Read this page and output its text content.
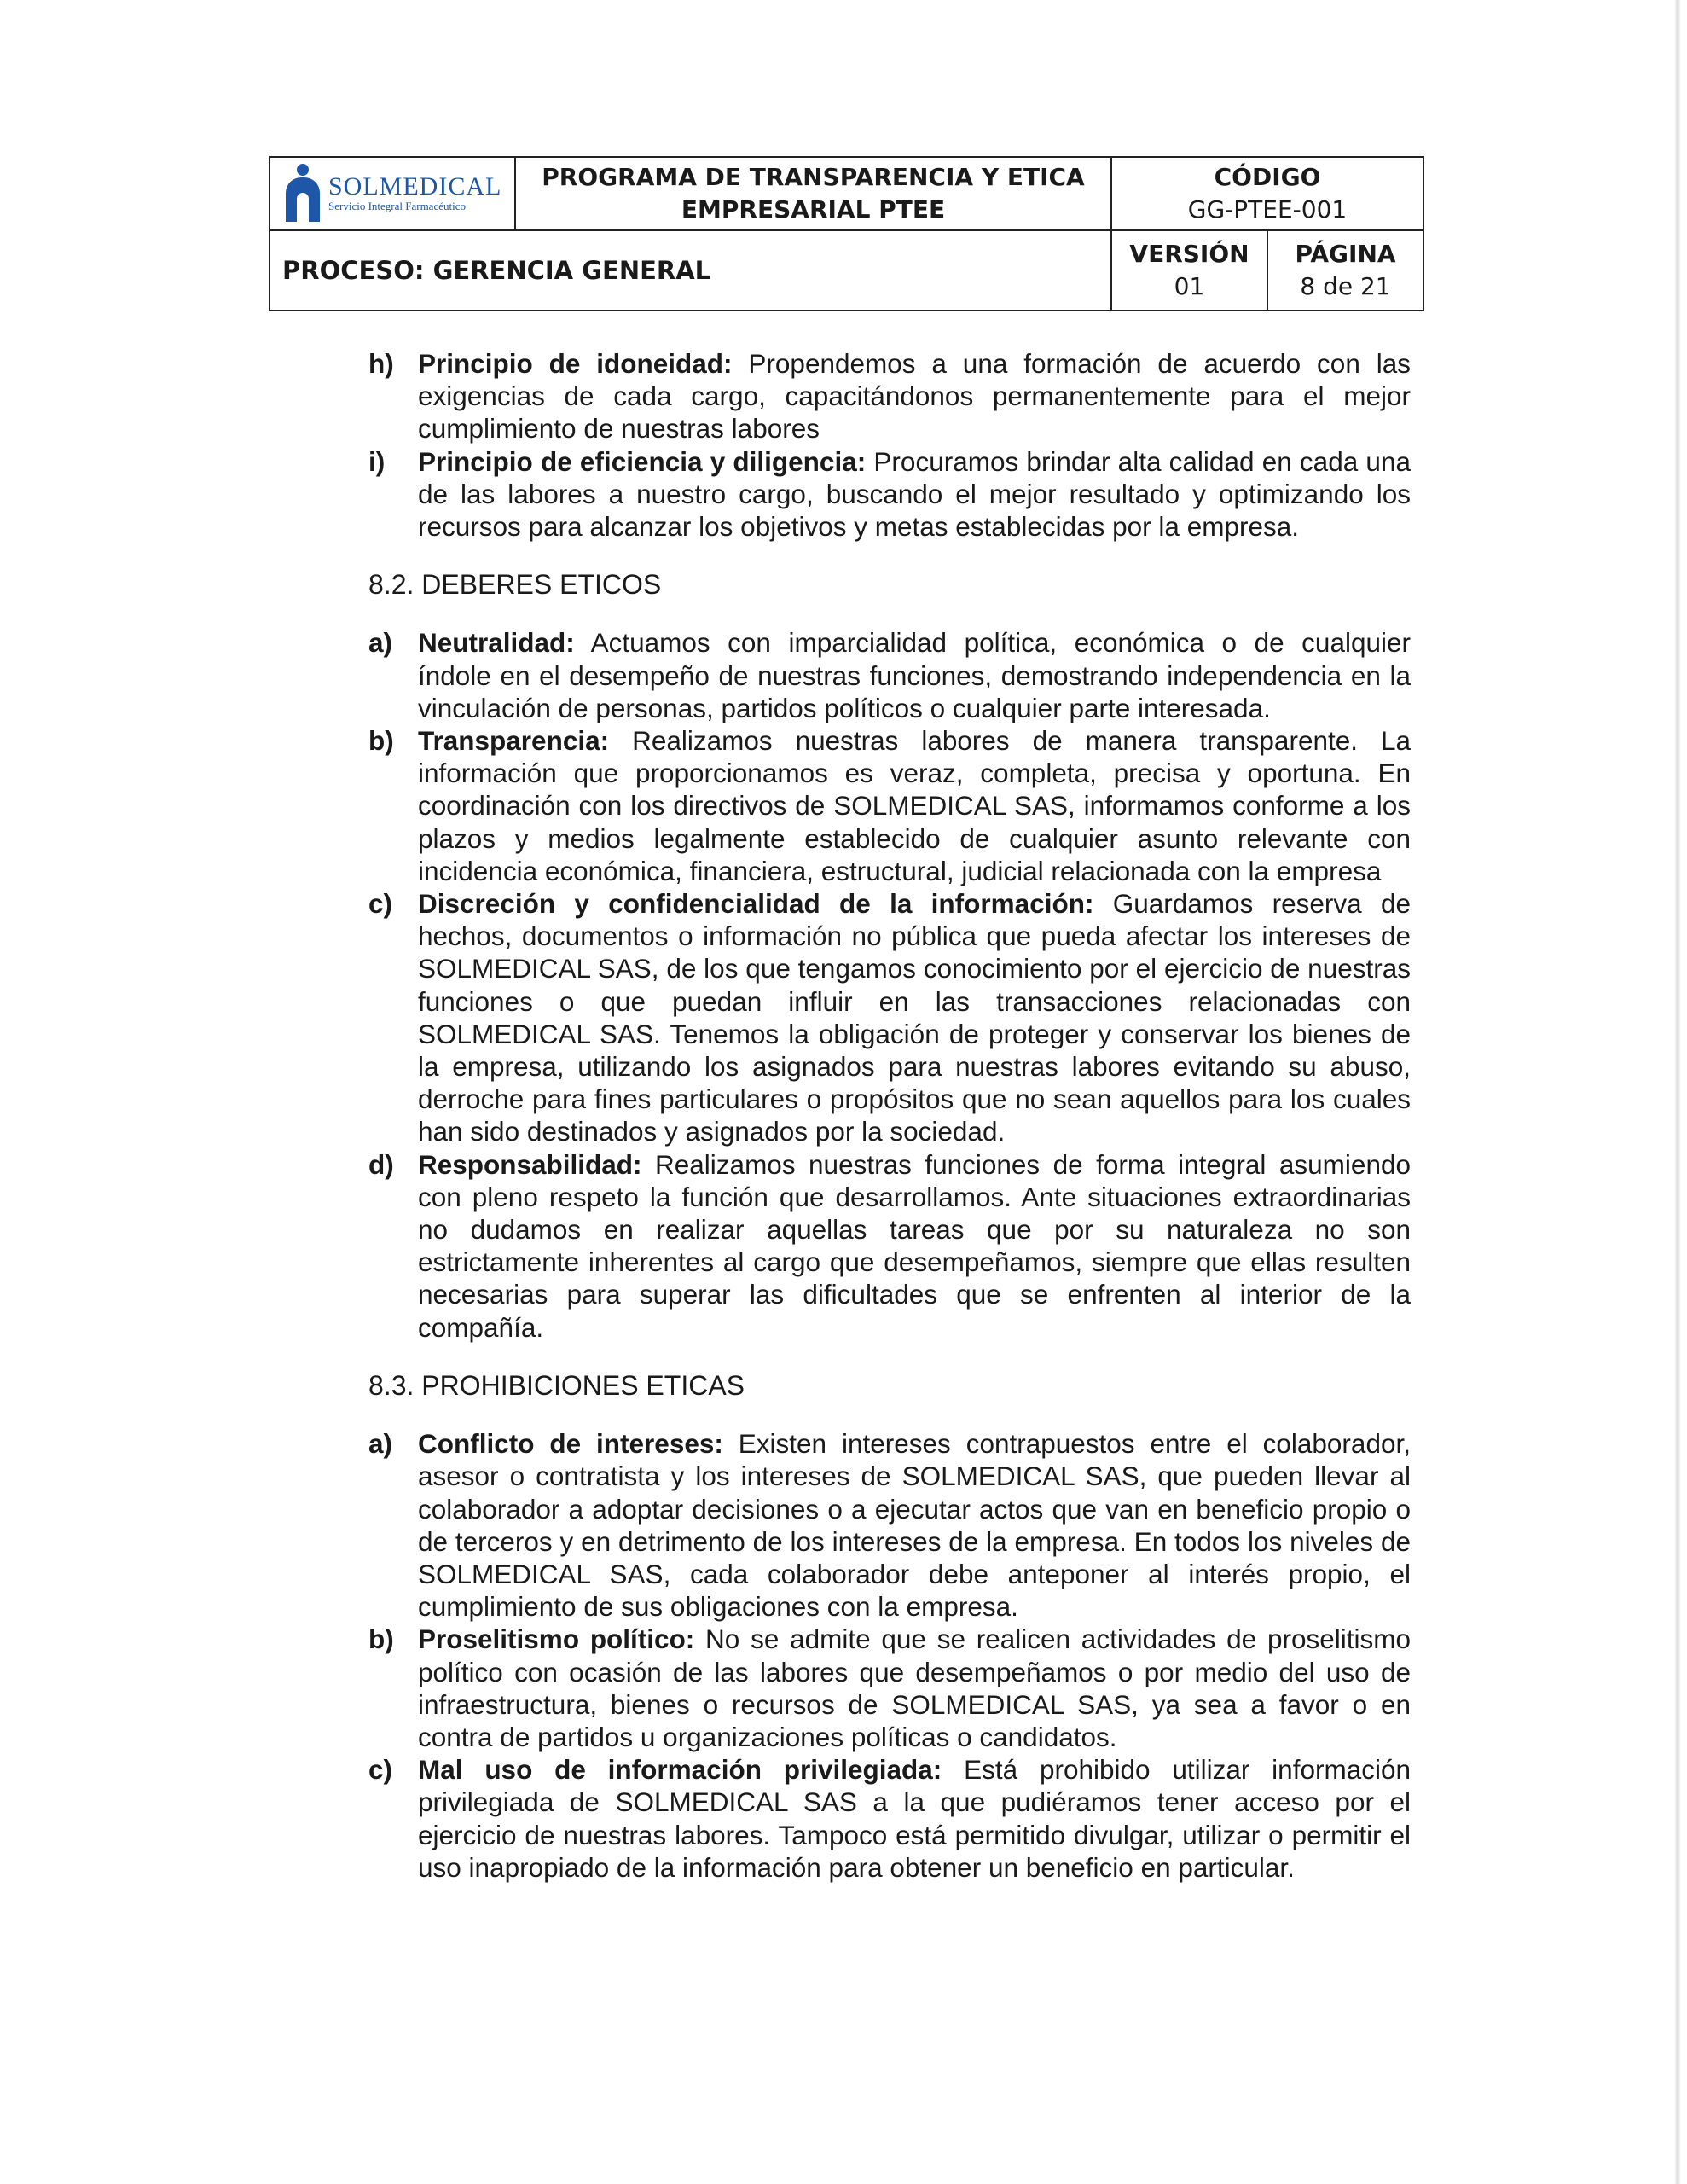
SOLMEDICAL
Servicio Integral Farmacéutico
PROGRAMA DE TRANSPARENCIA Y ETICA
EMPRESARIAL PTEE
CÓDIGO
GG-PTEE-001
PROCESO: GERENCIA GENERAL
VERSIÓN
01
PÁGINA
8 de 21
h) Principio de idoneidad: Propendemos a una formación de acuerdo con las exigencias de cada cargo, capacitándonos permanentemente para el mejor cumplimiento de nuestras labores
i) Principio de eficiencia y diligencia: Procuramos brindar alta calidad en cada una de las labores a nuestro cargo, buscando el mejor resultado y optimizando los recursos para alcanzar los objetivos y metas establecidas por la empresa.
8.2. DEBERES ETICOS
a) Neutralidad: Actuamos con imparcialidad política, económica o de cualquier índole en el desempeño de nuestras funciones, demostrando independencia en la vinculación de personas, partidos políticos o cualquier parte interesada.
b) Transparencia: Realizamos nuestras labores de manera transparente. La información que proporcionamos es veraz, completa, precisa y oportuna. En coordinación con los directivos de SOLMEDICAL SAS, informamos conforme a los plazos y medios legalmente establecido de cualquier asunto relevante con incidencia económica, financiera, estructural, judicial relacionada con la empresa
c) Discreción y confidencialidad de la información: Guardamos reserva de hechos, documentos o información no pública que pueda afectar los intereses de SOLMEDICAL SAS, de los que tengamos conocimiento por el ejercicio de nuestras funciones o que puedan influir en las transacciones relacionadas con SOLMEDICAL SAS. Tenemos la obligación de proteger y conservar los bienes de la empresa, utilizando los asignados para nuestras labores evitando su abuso, derroche para fines particulares o propósitos que no sean aquellos para los cuales han sido destinados y asignados por la sociedad.
d) Responsabilidad: Realizamos nuestras funciones de forma integral asumiendo con pleno respeto la función que desarrollamos. Ante situaciones extraordinarias no dudamos en realizar aquellas tareas que por su naturaleza no son estrictamente inherentes al cargo que desempeñamos, siempre que ellas resulten necesarias para superar las dificultades que se enfrenten al interior de la compañía.
8.3. PROHIBICIONES ETICAS
a) Conflicto de intereses: Existen intereses contrapuestos entre el colaborador, asesor o contratista y los intereses de SOLMEDICAL SAS, que pueden llevar al colaborador a adoptar decisiones o a ejecutar actos que van en beneficio propio o de terceros y en detrimento de los intereses de la empresa. En todos los niveles de SOLMEDICAL SAS, cada colaborador debe anteponer al interés propio, el cumplimiento de sus obligaciones con la empresa.
b) Proselitismo político: No se admite que se realicen actividades de proselitismo político con ocasión de las labores que desempeñamos o por medio del uso de infraestructura, bienes o recursos de SOLMEDICAL SAS, ya sea a favor o en contra de partidos u organizaciones políticas o candidatos.
c) Mal uso de información privilegiada: Está prohibido utilizar información privilegiada de SOLMEDICAL SAS a la que pudiéramos tener acceso por el ejercicio de nuestras labores. Tampoco está permitido divulgar, utilizar o permitir el uso inapropiado de la información para obtener un beneficio en particular.
